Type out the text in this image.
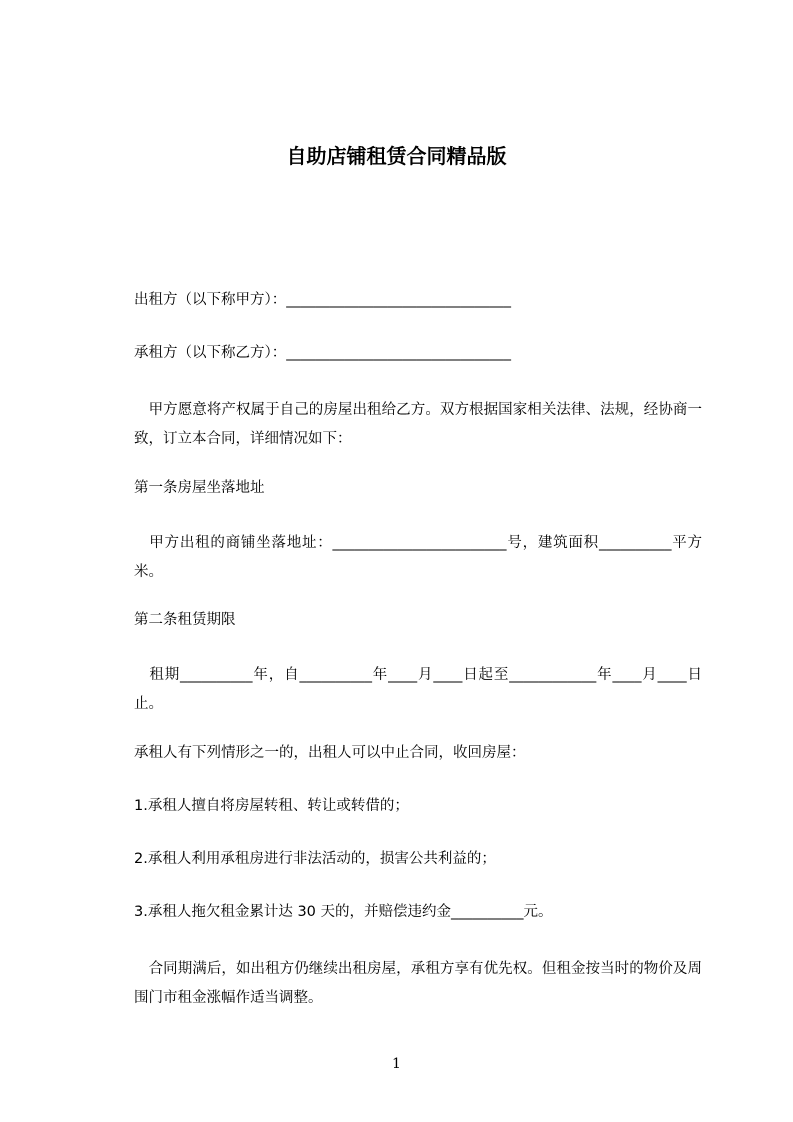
自助店铺租赁合同精品版
出租方（以下称甲方）：_______________________________
承租方（以下称乙方）：_______________________________
　甲方愿意将产权属于自己的房屋出租给乙方。双方根据国家相关法律、法规，经协商一致，订立本合同，详细情况如下：
第一条房屋坐落地址
　甲方出租的商铺坐落地址：________________________号，建筑面积__________平方米。
第二条租赁期限
　租期__________年，自__________年____月____日起至____________年____月____日止。
承租人有下列情形之一的，出租人可以中止合同，收回房屋：
1.承租人擅自将房屋转租、转让或转借的；
2.承租人利用承租房进行非法活动的，损害公共利益的；
3.承租人拖欠租金累计达 30 天的，并赔偿违约金__________元。
　合同期满后，如出租方仍继续出租房屋，承租方享有优先权。但租金按当时的物价及周围门市租金涨幅作适当调整。
1
